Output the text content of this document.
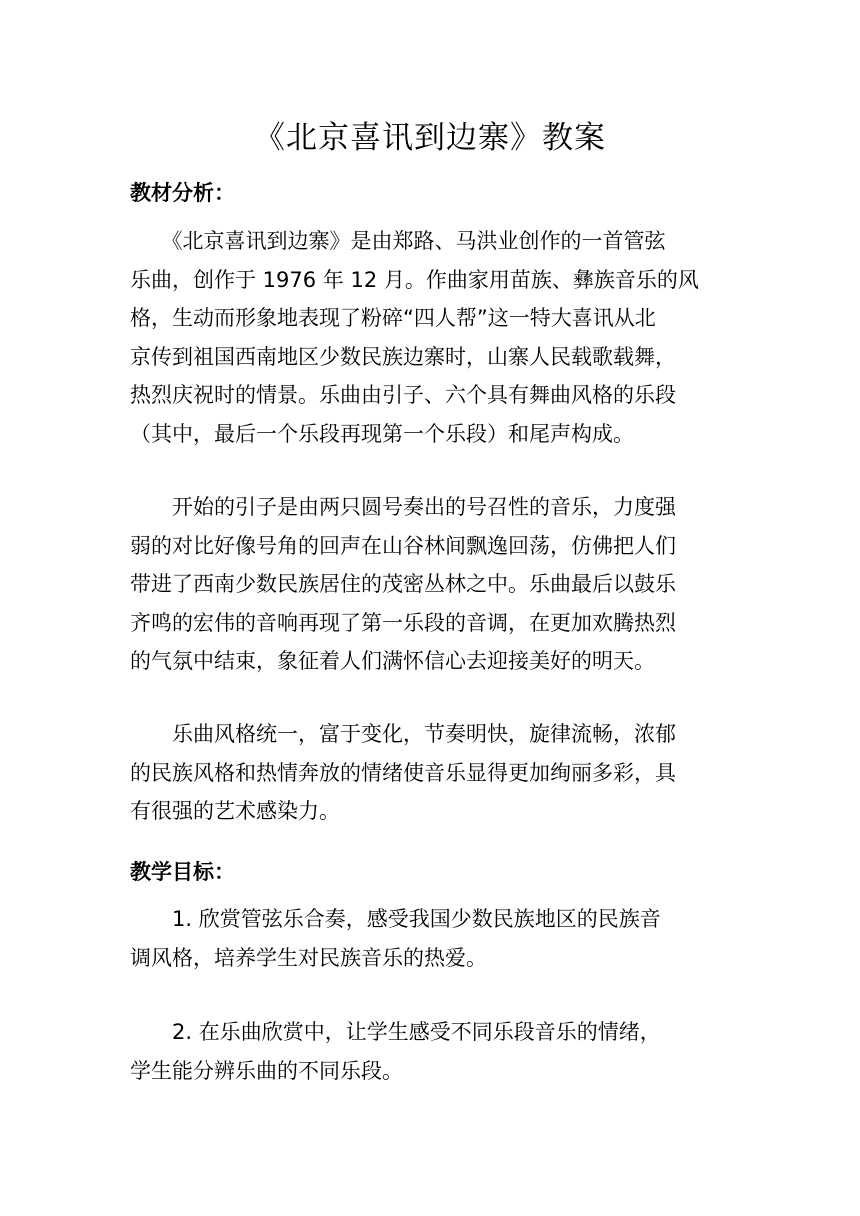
《北京喜讯到边寨》教案
教材分析：

　　《北京喜讯到边寨》是由郑路、马洪业创作的一首管弦

乐曲，创作于 1976 年 12 月。作曲家用苗族、彝族音乐的风

格，生动而形象地表现了粉碎“四人帮”这一特大喜讯从北

京传到祖国西南地区少数民族边寨时，山寨人民载歌载舞，

热烈庆祝时的情景。乐曲由引子、六个具有舞曲风格的乐段

（其中，最后一个乐段再现第一个乐段）和尾声构成。

　　开始的引子是由两只圆号奏出的号召性的音乐，力度强

弱的对比好像号角的回声在山谷林间飘逸回荡，仿佛把人们

带进了西南少数民族居住的茂密丛林之中。乐曲最后以鼓乐

齐鸣的宏伟的音响再现了第一乐段的音调，在更加欢腾热烈

的气氛中结束，象征着人们满怀信心去迎接美好的明天。

　　乐曲风格统一，富于变化，节奏明快，旋律流畅，浓郁

的民族风格和热情奔放的情绪使音乐显得更加绚丽多彩，具

有很强的艺术感染力。

教学目标：

　　1. 欣赏管弦乐合奏，感受我国少数民族地区的民族音

调风格，培养学生对民族音乐的热爱。

　　2. 在乐曲欣赏中，让学生感受不同乐段音乐的情绪，

学生能分辨乐曲的不同乐段。
